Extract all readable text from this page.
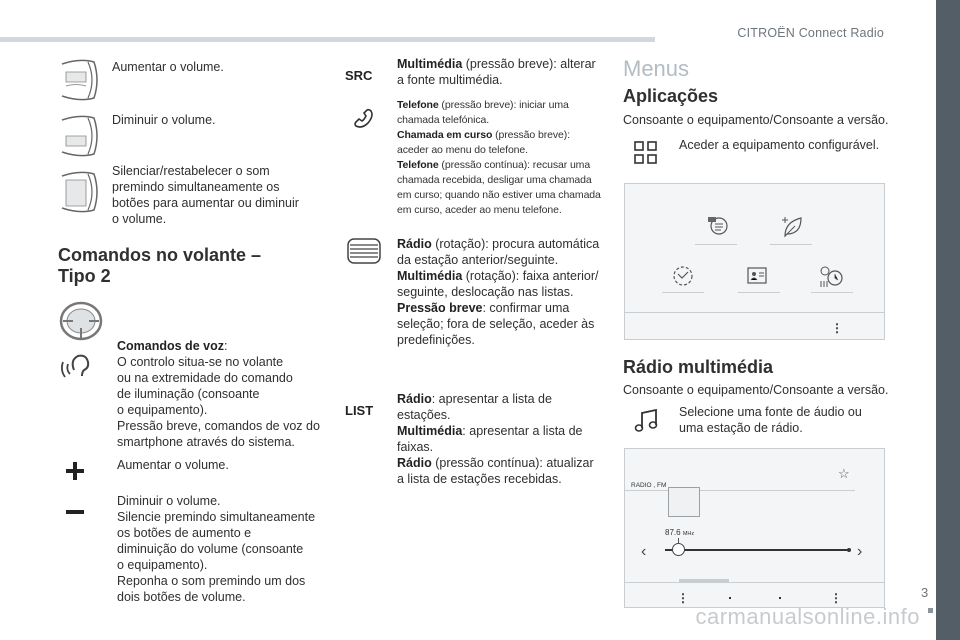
CITROËN Connect Radio
3
Aumentar o volume.
Diminuir o volume.
Silenciar/restabelecer o som
premindo simultaneamente os
botões para aumentar ou diminuir
o volume.
Comandos no volante –
Tipo 2
Comandos de voz:
O controlo situa-se no volante
ou na extremidade do comando
de iluminação (consoante
o equipamento).
Pressão breve, comandos de voz do
smartphone através do sistema.
Aumentar o volume.
Diminuir o volume.
Silencie premindo simultaneamente
os botões de aumento e
diminuição do volume (consoante
o equipamento).
Reponha o som premindo um dos
dois botões de volume.
SRC
Multimédia (pressão breve): alterar
a fonte multimédia.
Telefone (pressão breve): iniciar uma
chamada telefónica.
Chamada em curso (pressão breve):
aceder ao menu do telefone.
Telefone (pressão contínua): recusar uma
chamada recebida, desligar uma chamada
em curso; quando não estiver uma chamada
em curso, aceder ao menu telefone.
Rádio (rotação): procura automática
da estação anterior/seguinte.
Multimédia (rotação): faixa anterior/
seguinte, deslocação nas listas.
Pressão breve: confirmar uma
seleção; fora de seleção, aceder às
predefinições.
LIST
Rádio: apresentar a lista de
estações.
Multimédia: apresentar a lista de
faixas.
Rádio (pressão contínua): atualizar
a lista de estações recebidas.
Menus
Aplicações
Consoante o equipamento/Consoante a versão.
Aceder a equipamento configurável.
⋮
Rádio multimédia
Consoante o equipamento/Consoante a versão.
Selecione uma fonte de áudio ou
uma estação de rádio.
RADIO , FM
☆
87.6 MHz
‹	›
⋮	⋮
carmanualsonline.info
